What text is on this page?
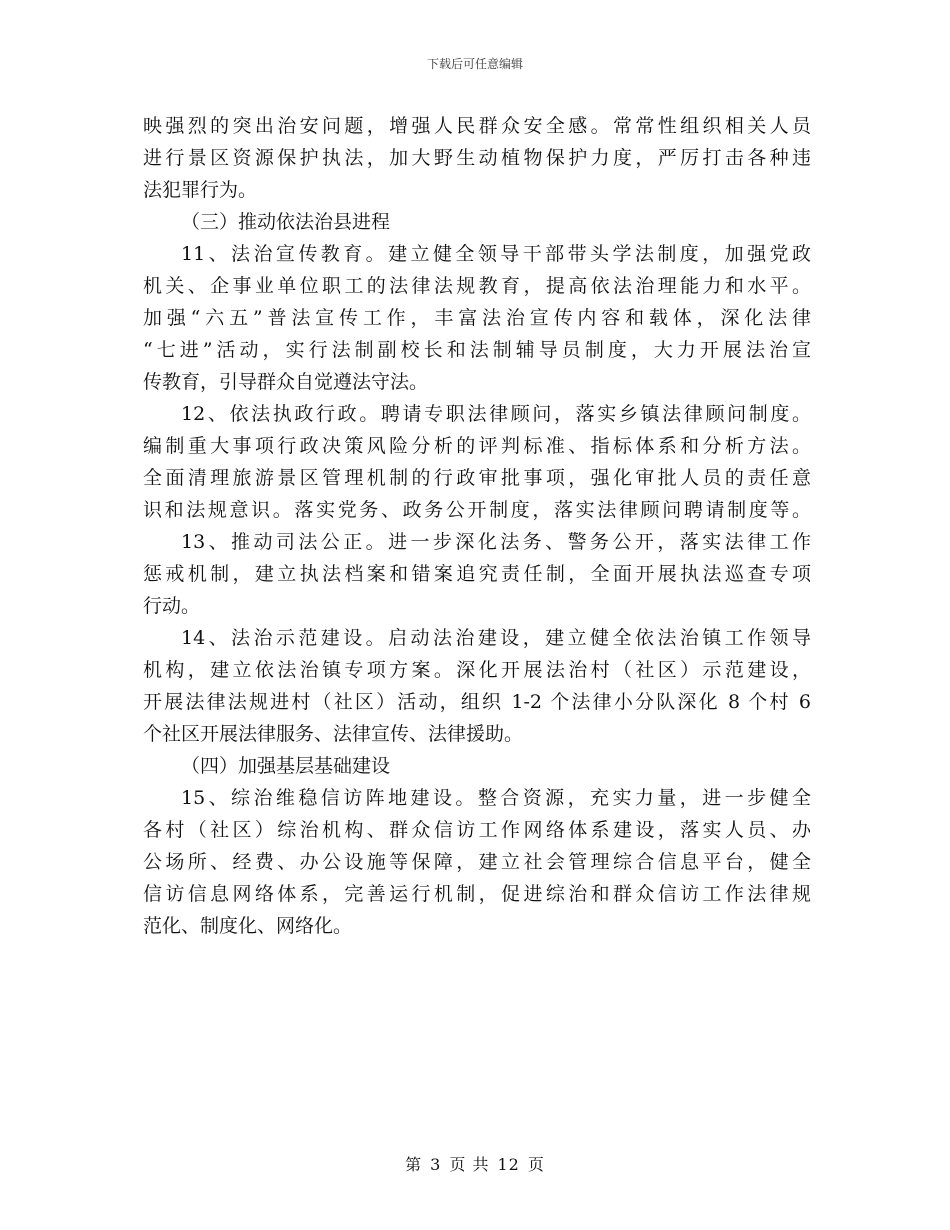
下载后可任意编辑
映强烈的突出治安问题，增强人民群众安全感。常常性组织相关人员
进行景区资源保护执法，加大野生动植物保护力度，严厉打击各种违
法犯罪行为。
（三）推动依法治县进程
11、法治宣传教育。建立健全领导干部带头学法制度，加强党政
机关、企事业单位职工的法律法规教育，提高依法治理能力和水平。
加强“六五”普法宣传工作，丰富法治宣传内容和载体，深化法律
“七进”活动，实行法制副校长和法制辅导员制度，大力开展法治宣
传教育，引导群众自觉遵法守法。
12、依法执政行政。聘请专职法律顾问，落实乡镇法律顾问制度。
编制重大事项行政决策风险分析的评判标准、指标体系和分析方法。
全面清理旅游景区管理机制的行政审批事项，强化审批人员的责任意
识和法规意识。落实党务、政务公开制度，落实法律顾问聘请制度等。
13、推动司法公正。进一步深化法务、警务公开，落实法律工作
惩戒机制，建立执法档案和错案追究责任制，全面开展执法巡查专项
行动。
14、法治示范建设。启动法治建设，建立健全依法治镇工作领导
机构，建立依法治镇专项方案。深化开展法治村（社区）示范建设，
开展法律法规进村（社区）活动，组织 1-2 个法律小分队深化 8 个村 6
个社区开展法律服务、法律宣传、法律援助。
（四）加强基层基础建设
15、综治维稳信访阵地建设。整合资源，充实力量，进一步健全
各村（社区）综治机构、群众信访工作网络体系建设，落实人员、办
公场所、经费、办公设施等保障，建立社会管理综合信息平台，健全
信访信息网络体系，完善运行机制，促进综治和群众信访工作法律规
范化、制度化、网络化。
第 3 页 共 12 页
